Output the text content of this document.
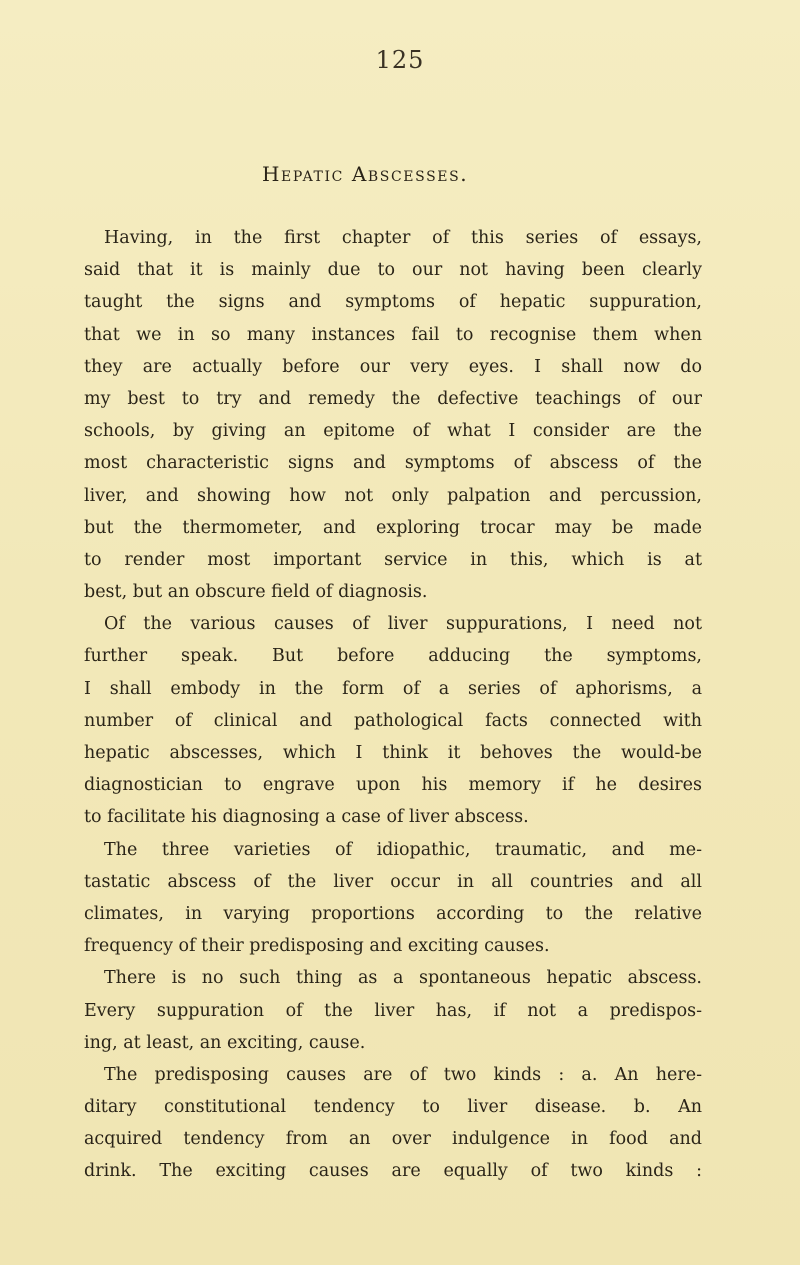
125
Hepatic Abscesses.
Having, in the first chapter of this series of essays,
said that it is mainly due to our not having been clearly
taught the signs and symptoms of hepatic suppuration,
that we in so many instances fail to recognise them when
they are actually before our very eyes. I shall now do
my best to try and remedy the defective teachings of our
schools, by giving an epitome of what I consider are the
most characteristic signs and symptoms of abscess of the
liver, and showing how not only palpation and percussion,
but the thermometer, and exploring trocar may be made
to render most important service in this, which is at
best, but an obscure field of diagnosis.
Of the various causes of liver suppurations, I need not
further speak. But before adducing the symptoms,
I shall embody in the form of a series of aphorisms, a
number of clinical and pathological facts connected with
hepatic abscesses, which I think it behoves the would-be
diagnostician to engrave upon his memory if he desires
to facilitate his diagnosing a case of liver abscess.
The three varieties of idiopathic, traumatic, and me-
tastatic abscess of the liver occur in all countries and all
climates, in varying proportions according to the relative
frequency of their predisposing and exciting causes.
There is no such thing as a spontaneous hepatic abscess.
Every suppuration of the liver has, if not a predispos-
ing, at least, an exciting, cause.
The predisposing causes are of two kinds : a. An here-
ditary constitutional tendency to liver disease. b. An
acquired tendency from an over indulgence in food and
drink. The exciting causes are equally of two kinds :
